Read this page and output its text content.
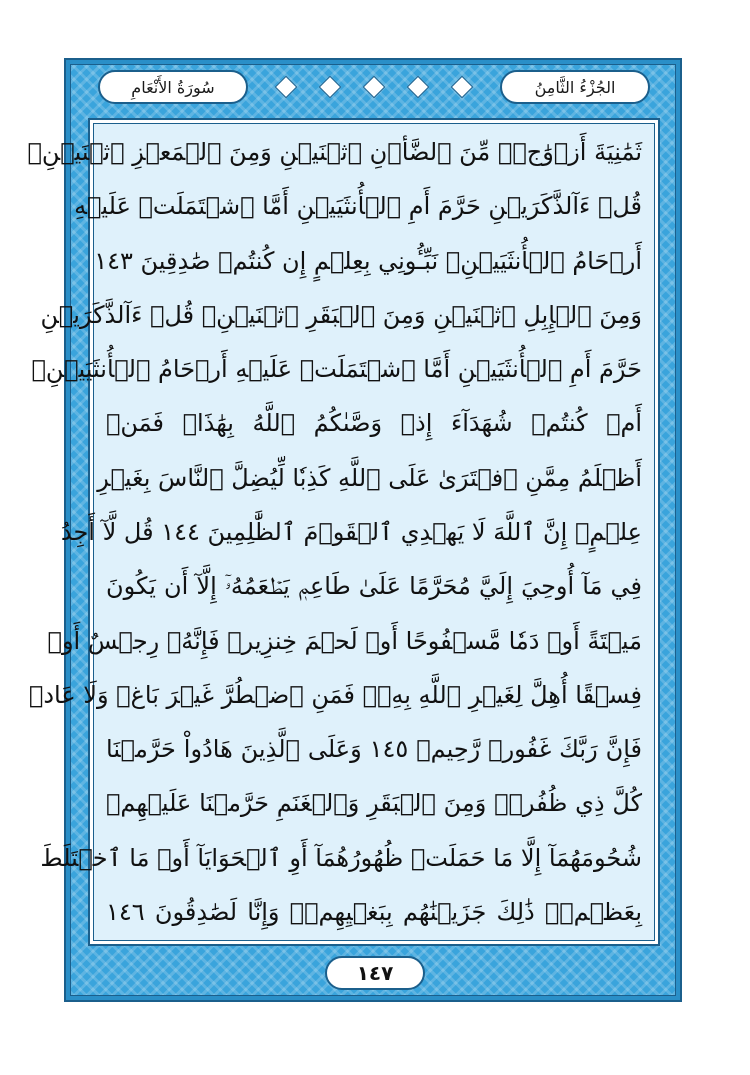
سُورَةُ الأَنْعَامِ	الجُزْءُ الثَّامِنُ
ثَمَٰنِيَةَ أَزۡوَٰجٖۖ مِّنَ ٱلضَّأۡنِ ٱثۡنَيۡنِ وَمِنَ ٱلۡمَعۡزِ ٱثۡنَيۡنِۗ
قُلۡ ءَآلذَّكَرَيۡنِ حَرَّمَ أَمِ ٱلۡأُنثَيَيۡنِ أَمَّا ٱشۡتَمَلَتۡ عَلَيۡهِ
أَرۡحَامُ ٱلۡأُنثَيَيۡنِۖ نَبِّـُٔونِي بِعِلۡمٍ إِن كُنتُمۡ صَٰدِقِينَ ١٤٣
وَمِنَ ٱلۡإِبِلِ ٱثۡنَيۡنِ وَمِنَ ٱلۡبَقَرِ ٱثۡنَيۡنِۗ قُلۡ ءَآلذَّكَرَيۡنِ
حَرَّمَ أَمِ ٱلۡأُنثَيَيۡنِ أَمَّا ٱشۡتَمَلَتۡ عَلَيۡهِ أَرۡحَامُ ٱلۡأُنثَيَيۡنِۖ
أَمۡ كُنتُمۡ شُهَدَآءَ إِذۡ وَصَّىٰكُمُ ٱللَّهُ بِهَٰذَاۚ فَمَنۡ
أَظۡلَمُ مِمَّنِ ٱفۡتَرَىٰ عَلَى ٱللَّهِ كَذِبٗا لِّيُضِلَّ ٱلنَّاسَ بِغَيۡرِ
عِلۡمٍۚ إِنَّ ٱللَّهَ لَا يَهۡدِي ٱلۡقَوۡمَ ٱلظَّٰلِمِينَ ١٤٤ قُل لَّآ أَجِدُ
فِي مَآ أُوحِيَ إِلَيَّ مُحَرَّمًا عَلَىٰ طَاعِمٖ يَطۡعَمُهُۥٓ إِلَّآ أَن يَكُونَ
مَيۡتَةً أَوۡ دَمٗا مَّسۡفُوحًا أَوۡ لَحۡمَ خِنزِيرٖ فَإِنَّهُۥ رِجۡسٌ أَوۡ
فِسۡقًا أُهِلَّ لِغَيۡرِ ٱللَّهِ بِهِۦۚ فَمَنِ ٱضۡطُرَّ غَيۡرَ بَاغٖ وَلَا عَادٖ
فَإِنَّ رَبَّكَ غَفُورٞ رَّحِيمٞ ١٤٥ وَعَلَى ٱلَّذِينَ هَادُواْ حَرَّمۡنَا
كُلَّ ذِي ظُفُرٖۖ وَمِنَ ٱلۡبَقَرِ وَٱلۡغَنَمِ حَرَّمۡنَا عَلَيۡهِمۡ
شُحُومَهُمَآ إِلَّا مَا حَمَلَتۡ ظُهُورُهُمَآ أَوِ ٱلۡحَوَايَآ أَوۡ مَا ٱخۡتَلَطَ
بِعَظۡمٖۚ ذَٰلِكَ جَزَيۡنَٰهُم بِبَغۡيِهِمۡۖ وَإِنَّا لَصَٰدِقُونَ ١٤٦
١٤٧
